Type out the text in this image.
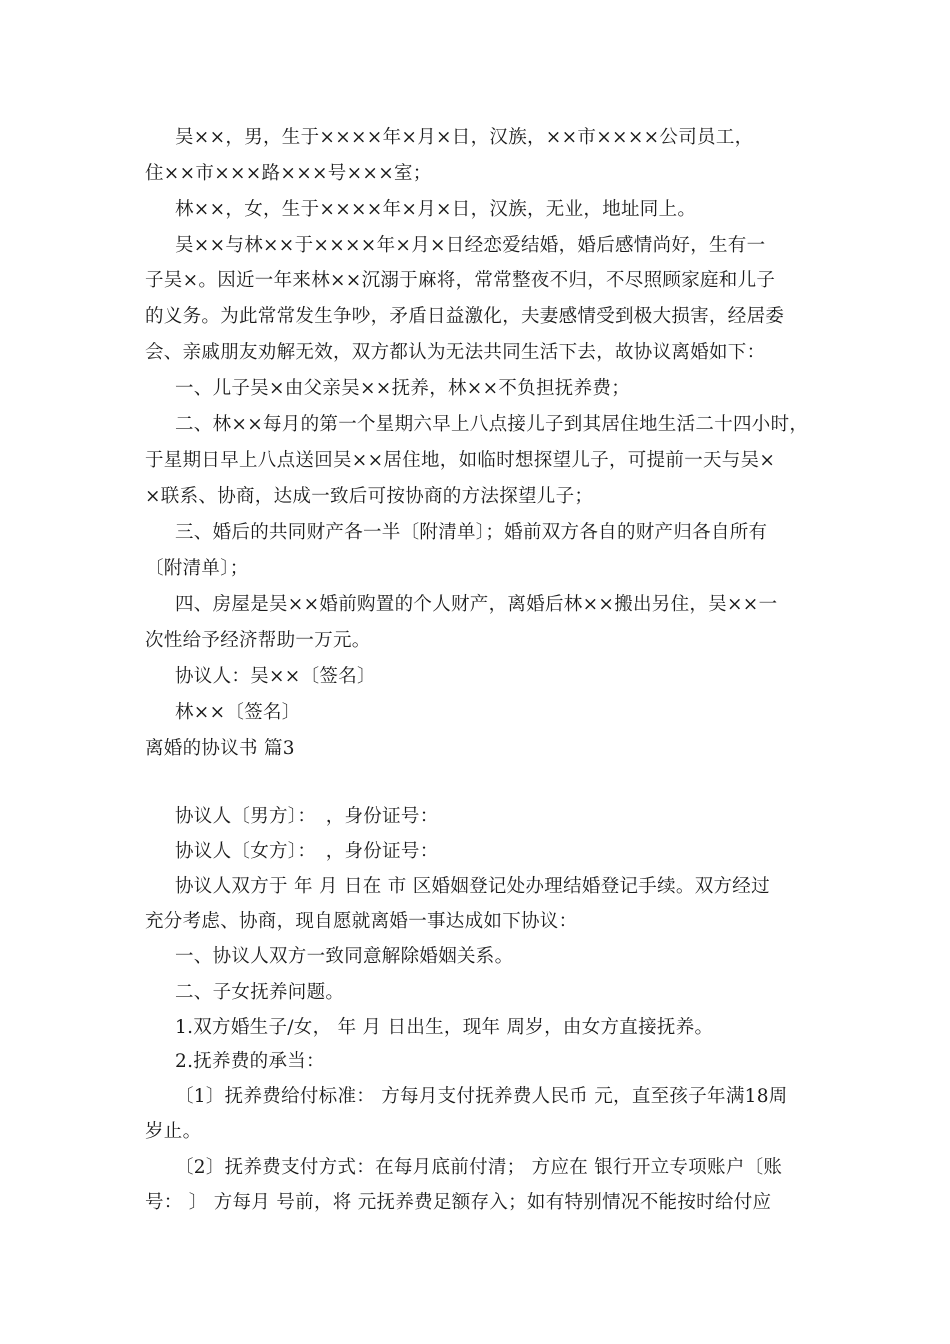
吴××，男，生于××××年×月×日，汉族，××市××××公司员工，
住××市×××路×××号×××室；
林××，女，生于××××年×月×日，汉族，无业，地址同上。
吴××与林××于××××年×月×日经恋爱结婚，婚后感情尚好，生有一
子吴×。因近一年来林××沉溺于麻将，常常整夜不归，不尽照顾家庭和儿子
的义务。为此常常发生争吵，矛盾日益激化，夫妻感情受到极大损害，经居委
会、亲戚朋友劝解无效，双方都认为无法共同生活下去，故协议离婚如下：
一、儿子吴×由父亲吴××抚养，林××不负担抚养费；
二、林××每月的第一个星期六早上八点接儿子到其居住地生活二十四小时，
于星期日早上八点送回吴××居住地，如临时想探望儿子，可提前一天与吴×
×联系、协商，达成一致后可按协商的方法探望儿子；
三、婚后的共同财产各一半〔附清单〕；婚前双方各自的财产归各自所有
〔附清单〕；
四、房屋是吴××婚前购置的个人财产，离婚后林××搬出另住，吴××一
次性给予经济帮助一万元。
协议人：吴××〔签名〕
林××〔签名〕
离婚的协议书 篇3
协议人〔男方〕：　，身份证号：
协议人〔女方〕：　，身份证号：
协议人双方于 年 月 日在 市 区婚姻登记处办理结婚登记手续。双方经过
充分考虑、协商，现自愿就离婚一事达成如下协议：
一、协议人双方一致同意解除婚姻关系。
二、子女抚养问题。
1.双方婚生子/女， 年 月 日出生，现年 周岁，由女方直接抚养。
2.抚养费的承当：
〔1〕抚养费给付标准： 方每月支付抚养费人民币 元，直至孩子年满18周
岁止。
〔2〕抚养费支付方式：在每月底前付清； 方应在 银行开立专项账户〔账
号： 〕 方每月 号前，将 元抚养费足额存入；如有特别情况不能按时给付应
